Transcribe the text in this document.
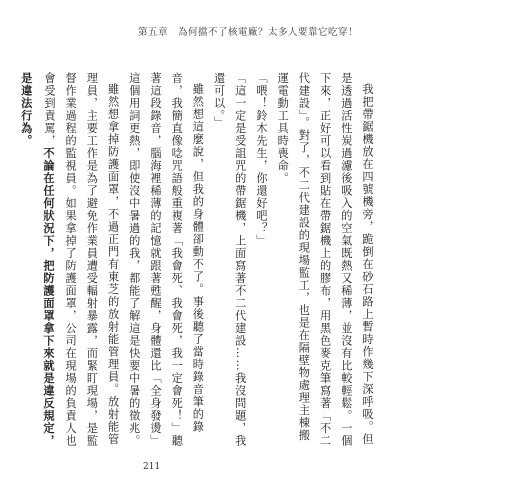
第五章　為何擋不了核電廠？太多人要靠它吃穿！

我把帶鋸機放在四號機旁，跪倒在砂石路上暫時作幾下深呼吸。但是透過活性炭過濾後吸入的空氣既熱又稀薄，並沒有比較輕鬆。一個下來，正好可以看到貼在帶鋸機上的膠布，用黑色麥克筆寫著「不二代建設」。對了，不二代建設的現場監工，也是在隔壁物處理主棟搬運電動工具時喪命。

「喂！鈴木先生，你還好吧？」

「這一定是受詛咒的帶鋸機，上面寫著不二代建設……我沒問題，我還可以。」

雖然想這麼說，但我的身體卻動不了。事後聽了當時錄音筆的錄音，我簡直像唸咒語般重複著「我會死、我會死，我一定會死！」聽著這段錄音，腦海裡稀薄的記憶就跟著甦醒，身體還比「全身發燙」這個用詞更熱，即使沒中暑過的我，都能了解這是快要中暑的徵兆。

雖然想拿掉防護面罩，不過正門有東芝的放射能管理員。放射能管理員，主要工作是為了避免作業員遭受輻射暴露，而緊盯現場，是監督作業過程的監視員。如果拿掉了防護面罩，公司在現場的負責人也會受到責罵，不論在任何狀況下，把防護面罩拿下來就是違反規定，是違法行為。

211
